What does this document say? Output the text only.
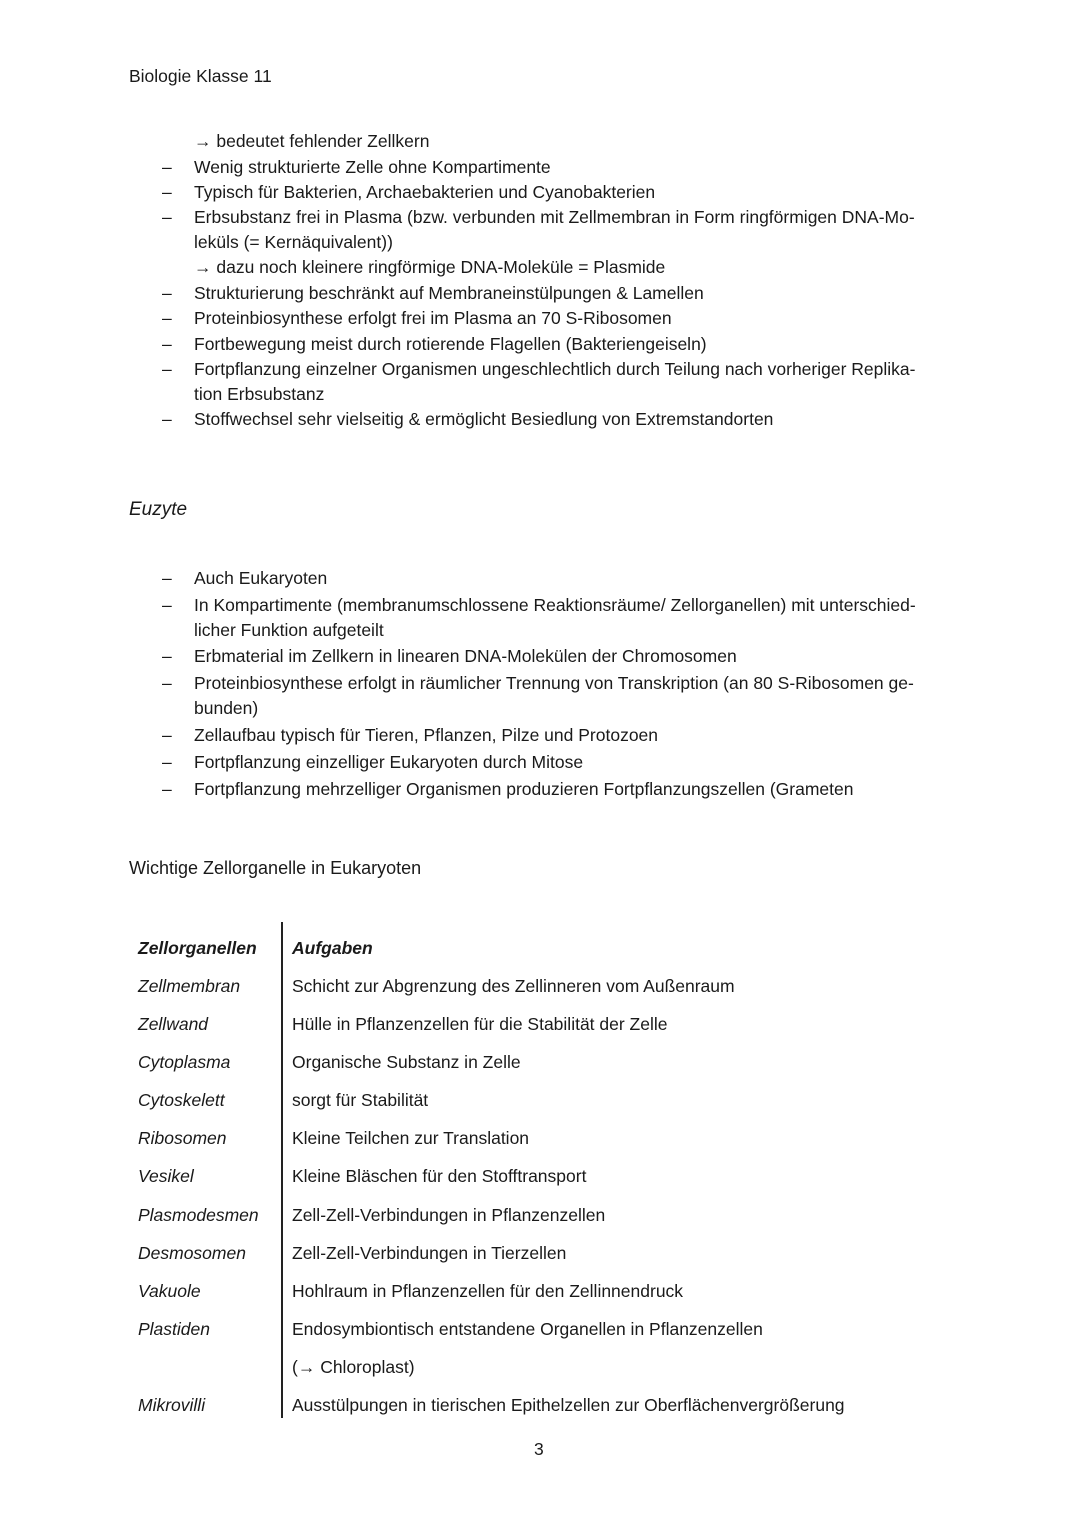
Biologie Klasse 11
→ bedeutet fehlender Zellkern
–
Wenig strukturierte Zelle ohne Kompartimente
–
Typisch für Bakterien, Archaebakterien und Cyanobakterien
–
Erbsubstanz frei in Plasma (bzw. verbunden mit Zellmembran in Form ringförmigen DNA-Mo-
leküls (= Kernäquivalent))
→ dazu noch kleinere ringförmige DNA-Moleküle = Plasmide
–
Strukturierung beschränkt auf Membraneinstülpungen & Lamellen
–
Proteinbiosynthese erfolgt frei im Plasma an 70 S-Ribosomen
–
Fortbewegung meist durch rotierende Flagellen (Bakteriengeiseln)
–
Fortpflanzung einzelner Organismen ungeschlechtlich durch Teilung nach vorheriger Replika-
tion Erbsubstanz
–
Stoffwechsel sehr vielseitig & ermöglicht Besiedlung von Extremstandorten
Euzyte
–
Auch Eukaryoten
–
In Kompartimente (membranumschlossene Reaktionsräume/ Zellorganellen) mit unterschied-
licher Funktion aufgeteilt
–
Erbmaterial im Zellkern in linearen DNA-Molekülen der Chromosomen
–
Proteinbiosynthese erfolgt in räumlicher Trennung von Transkription (an 80 S-Ribosomen ge-
bunden)
–
Zellaufbau typisch für Tieren, Pflanzen, Pilze und Protozoen
–
Fortpflanzung einzelliger Eukaryoten durch Mitose
–
Fortpflanzung mehrzelliger Organismen produzieren Fortpflanzungszellen (Grameten
Wichtige Zellorganelle in Eukaryoten
Zellorganellen Aufgaben
Zellmembran	Schicht zur Abgrenzung des Zellinneren vom Außenraum
Zellwand	Hülle in Pflanzenzellen für die Stabilität der Zelle
Cytoplasma	Organische Substanz in Zelle
Cytoskelett	sorgt für Stabilität
Ribosomen	Kleine Teilchen zur Translation
Vesikel	Kleine Bläschen für den Stofftransport
Plasmodesmen Zell-Zell-Verbindungen in Pflanzenzellen
Desmosomen	Zell-Zell-Verbindungen in Tierzellen
Vakuole	Hohlraum in Pflanzenzellen für den Zellinnendruck
Plastiden	Endosymbiontisch entstandene Organellen in Pflanzenzellen
(→ Chloroplast)
Mikrovilli	Ausstülpungen in tierischen Epithelzellen zur Oberflächenvergrößerung
3
